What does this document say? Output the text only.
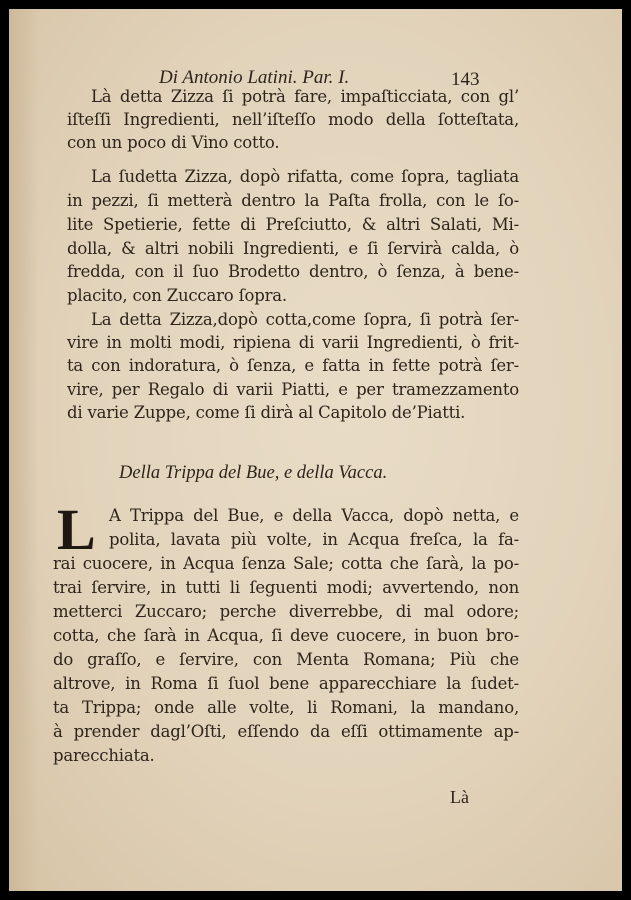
Di Antonio Latini. Par. I.	143
Là detta Zizza ſi potrà fare, impaſticciata, con gl’
iſteſſi Ingredienti, nell’iſteſſo modo della ſotteſtata,
con un poco di Vino cotto.
La ſudetta Zizza, dopò rifatta, come ſopra, tagliata
in pezzi, ſi metterà dentro la Paſta frolla, con le ſo-
lite Spetierie, fette di Preſciutto, & altri Salati, Mi-
dolla, & altri nobili Ingredienti, e ſi ſervirà calda, ò
fredda, con il ſuo Brodetto dentro, ò ſenza, à bene-
placito, con Zuccaro ſopra.
La detta Zizza,dopò cotta,come ſopra, ſi potrà ſer-
vire in molti modi, ripiena di varii Ingredienti, ò frit-
ta con indoratura, ò ſenza, e fatta in fette potrà ſer-
vire, per Regalo di varii Piatti, e per tramezzamento
di varie Zuppe, come ſi dirà al Capitolo de’Piatti.
Della Trippa del Bue, e della Vacca.
L A Trippa del Bue, e della Vacca, dopò netta, e
polita, lavata più volte, in Acqua freſca, la fa-
rai cuocere, in Acqua ſenza Sale; cotta che ſarà, la po-
trai ſervire, in tutti li ſeguenti modi; avvertendo, non
metterci Zuccaro; perche diverrebbe, di mal odore;
cotta, che ſarà in Acqua, ſi deve cuocere, in buon bro-
do graſſo, e ſervire, con Menta Romana; Più che
altrove, in Roma ſi ſuol bene apparecchiare la ſudet-
ta Trippa; onde alle volte, li Romani, la mandano,
à prender dagl’Oſti, eſſendo da eſſi ottimamente ap-
parecchiata.
Là
